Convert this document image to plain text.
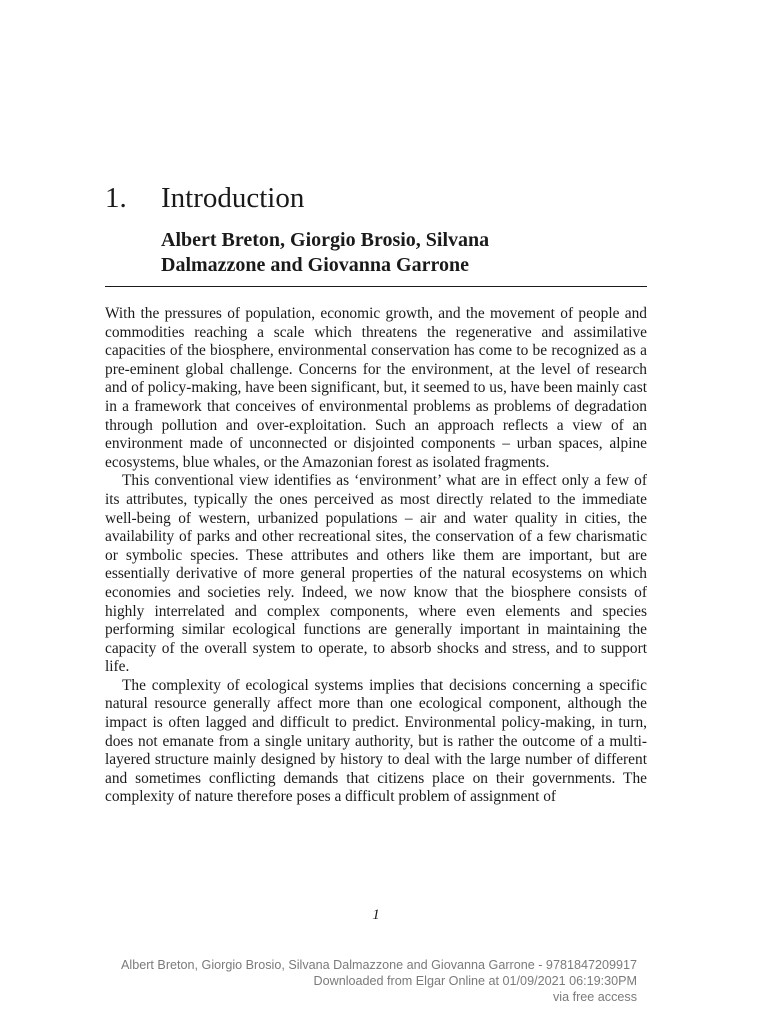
1. Introduction
Albert Breton, Giorgio Brosio, Silvana
Dalmazzone and Giovanna Garrone

With the pressures of population, economic growth, and the movement of people and commodities reaching a scale which threatens the regenerative and assimilative capacities of the biosphere, environmental conservation has come to be recognized as a pre-eminent global challenge. Concerns for the environment, at the level of research and of policy-making, have been significant, but, it seemed to us, have been mainly cast in a framework that conceives of environmental problems as problems of degradation through pollution and over-exploitation. Such an approach reflects a view of an environment made of unconnected or disjointed components – urban spaces, alpine ecosystems, blue whales, or the Amazonian forest as isolated fragments.

This conventional view identifies as ‘environment’ what are in effect only a few of its attributes, typically the ones perceived as most directly related to the immediate well-being of western, urbanized populations – air and water quality in cities, the availability of parks and other recreational sites, the conservation of a few charismatic or symbolic species. These attributes and others like them are important, but are essentially derivative of more general properties of the natural ecosystems on which economies and societies rely. Indeed, we now know that the biosphere consists of highly interrelated and complex components, where even elements and species performing similar ecological functions are generally important in maintaining the capacity of the overall system to operate, to absorb shocks and stress, and to support life.

The complexity of ecological systems implies that decisions concerning a specific natural resource generally affect more than one ecological component, although the impact is often lagged and difficult to predict. Environmental policy-making, in turn, does not emanate from a single unitary authority, but is rather the outcome of a multi-layered structure mainly designed by history to deal with the large number of different and sometimes conflicting demands that citizens place on their governments. The complexity of nature therefore poses a difficult problem of assignment of

1
Albert Breton, Giorgio Brosio, Silvana Dalmazzone and Giovanna Garrone - 9781847209917
Downloaded from Elgar Online at 01/09/2021 06:19:30PM
via free access
